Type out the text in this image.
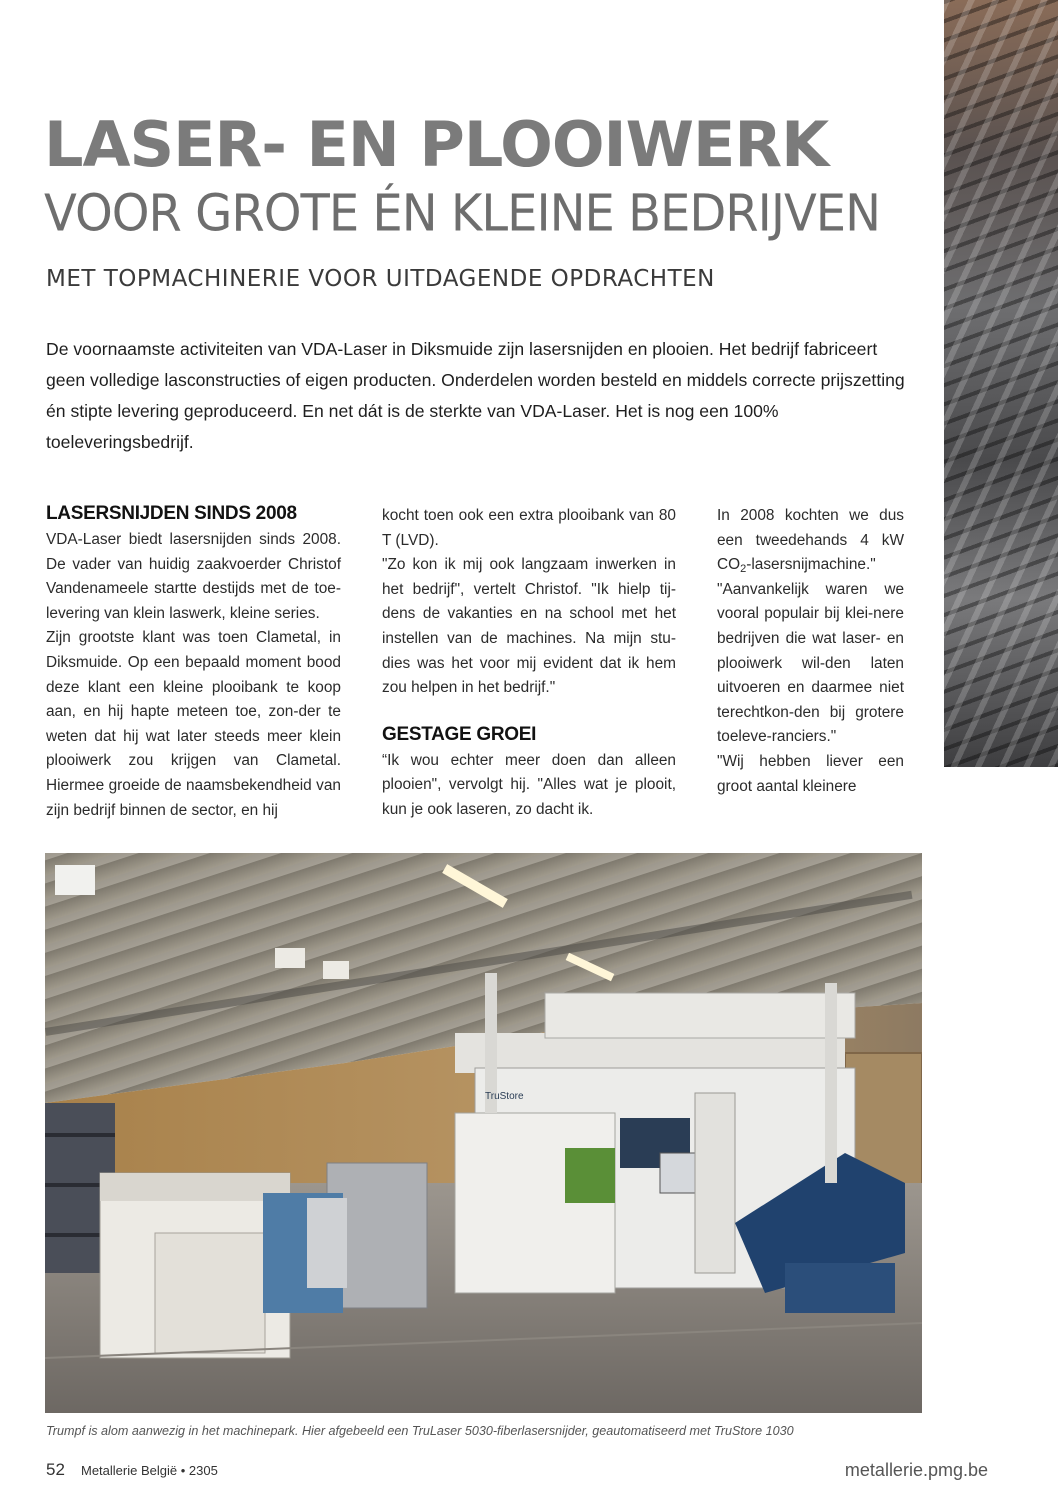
LASER- EN PLOOIWERK
VOOR GROTE ÉN KLEINE BEDRIJVEN
MET TOPMACHINERIE VOOR UITDAGENDE OPDRACHTEN

De voornaamste activiteiten van VDA-Laser in Diksmuide zijn lasersnijden en plooien. Het bedrijf fabriceert geen volledige lasconstructies of eigen producten. Onderdelen worden besteld en middels correcte prijszetting én stipte levering geproduceerd. En net dát is de sterkte van VDA-Laser. Het is nog een 100% toeleveringsbedrijf.

LASERSNIJDEN SINDS 2008

VDA-Laser biedt lasersnijden sinds 2008. De vader van huidig zaakvoerder Christof Vandenameele startte destijds met de toe-levering van klein laswerk, kleine series.

Zijn grootste klant was toen Clametal, in Diksmuide. Op een bepaald moment bood deze klant een kleine plooibank te koop aan, en hij hapte meteen toe, zon-der te weten dat hij wat later steeds meer klein plooiwerk zou krijgen van Clametal. Hiermee groeide de naamsbekendheid van zijn bedrijf binnen de sector, en hij

kocht toen ook een extra plooibank van 80 T (LVD).

"Zo kon ik mij ook langzaam inwerken in het bedrijf", vertelt Christof. "Ik hielp tij-dens de vakanties en na school met het instellen van de machines. Na mijn stu-dies was het voor mij evident dat ik hem zou helpen in het bedrijf."

GESTAGE GROEI

“Ik wou echter meer doen dan alleen plooien", vervolgt hij. "Alles wat je plooit, kun je ook laseren, zo dacht ik.

In 2008 kochten we dus een tweedehands 4 kW $CO_2$-lasersnijmachine."

"Aanvankelijk waren we vooral populair bij klei-nere bedrijven die wat laser- en plooiwerk wil-den laten uitvoeren en daarmee niet terechtkon-den bij grotere toeleve-ranciers."

"Wij hebben liever een groot aantal kleinere

TruStore
Trumpf is alom aanwezig in het machinepark. Hier afgebeeld een TruLaser 5030-fiberlasersnijder, geautomatiseerd met TruStore 1030
52 Metallerie België • 2305	metallerie.pmg.be
